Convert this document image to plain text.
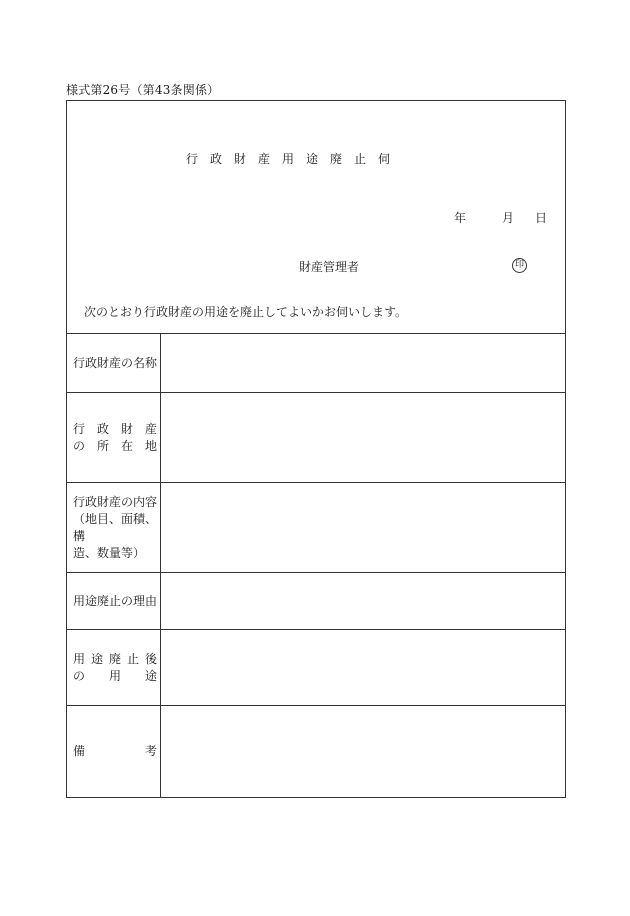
様式第26号（第43条関係）
行政財産用途廃止伺
年	月	日
財産管理者	印
次のとおり行政財産の用途を廃止してよいかお伺いします。
行政財産の名称
行 政 財 産
の 所 在 地
行政財産の内容
（地目、面積、構
造、数量等）
用途廃止の理由
用 途 廃 止 後
の 用 途
備	考
